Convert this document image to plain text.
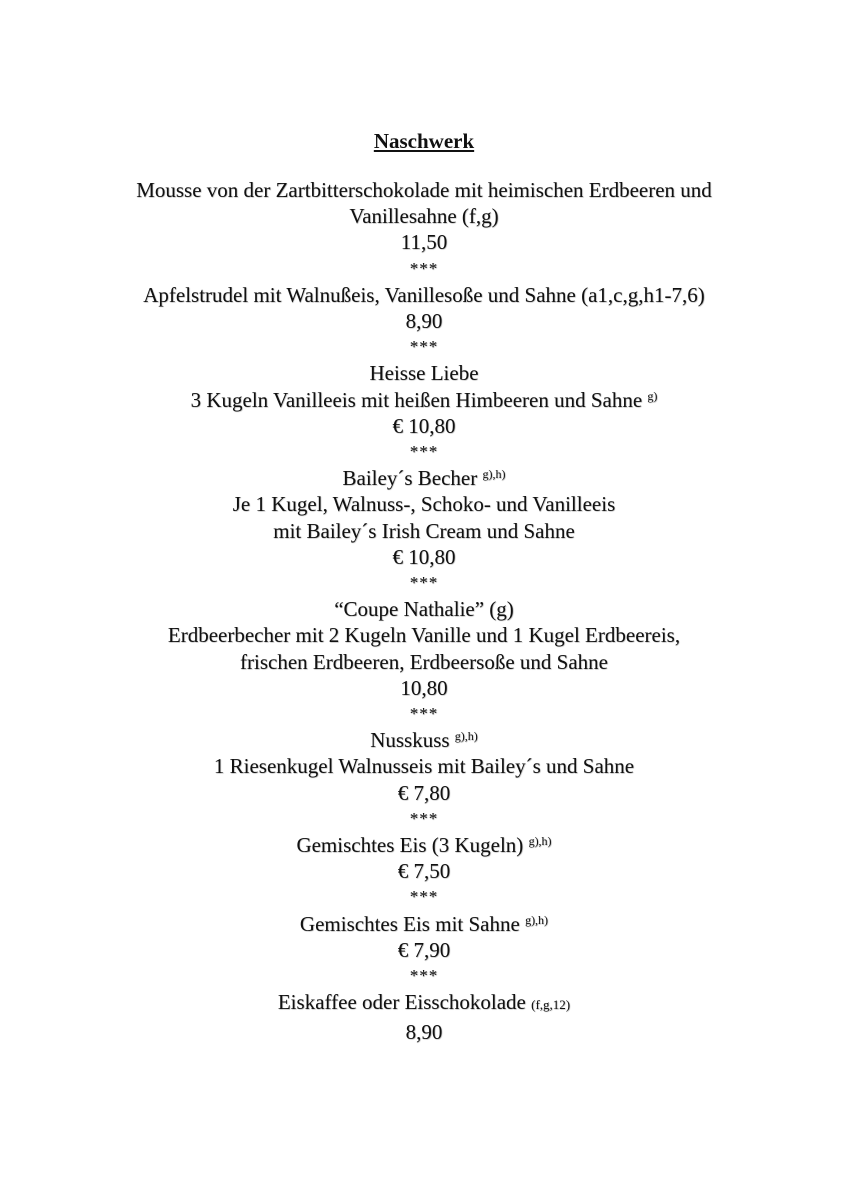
Naschwerk
Mousse von der Zartbitterschokolade mit heimischen Erdbeeren und
Vanillesahne (f,g)
11,50
***
Apfelstrudel mit Walnußeis, Vanillesoße und Sahne (a1,c,g,h1-7,6)
8,90
***
Heisse Liebe
3 Kugeln Vanilleeis mit heißen Himbeeren und Sahne $^{g)}$
€ 10,80
***
Bailey´s Becher $^{g),h)}$
Je 1 Kugel, Walnuss-, Schoko- und Vanilleeis
mit Bailey´s Irish Cream und Sahne
€ 10,80
***
“Coupe Nathalie” (g)
Erdbeerbecher mit 2 Kugeln Vanille und 1 Kugel Erdbeereis,
frischen Erdbeeren, Erdbeersoße und Sahne
10,80
***
Nusskuss $^{g),h)}$
1 Riesenkugel Walnusseis mit Bailey´s und Sahne
€ 7,80
***
Gemischtes Eis (3 Kugeln) $^{g),h)}$
€ 7,50
***
Gemischtes Eis mit Sahne $^{g),h)}$
€ 7,90
***
Eiskaffee oder Eisschokolade (f,g,12)
8,90
